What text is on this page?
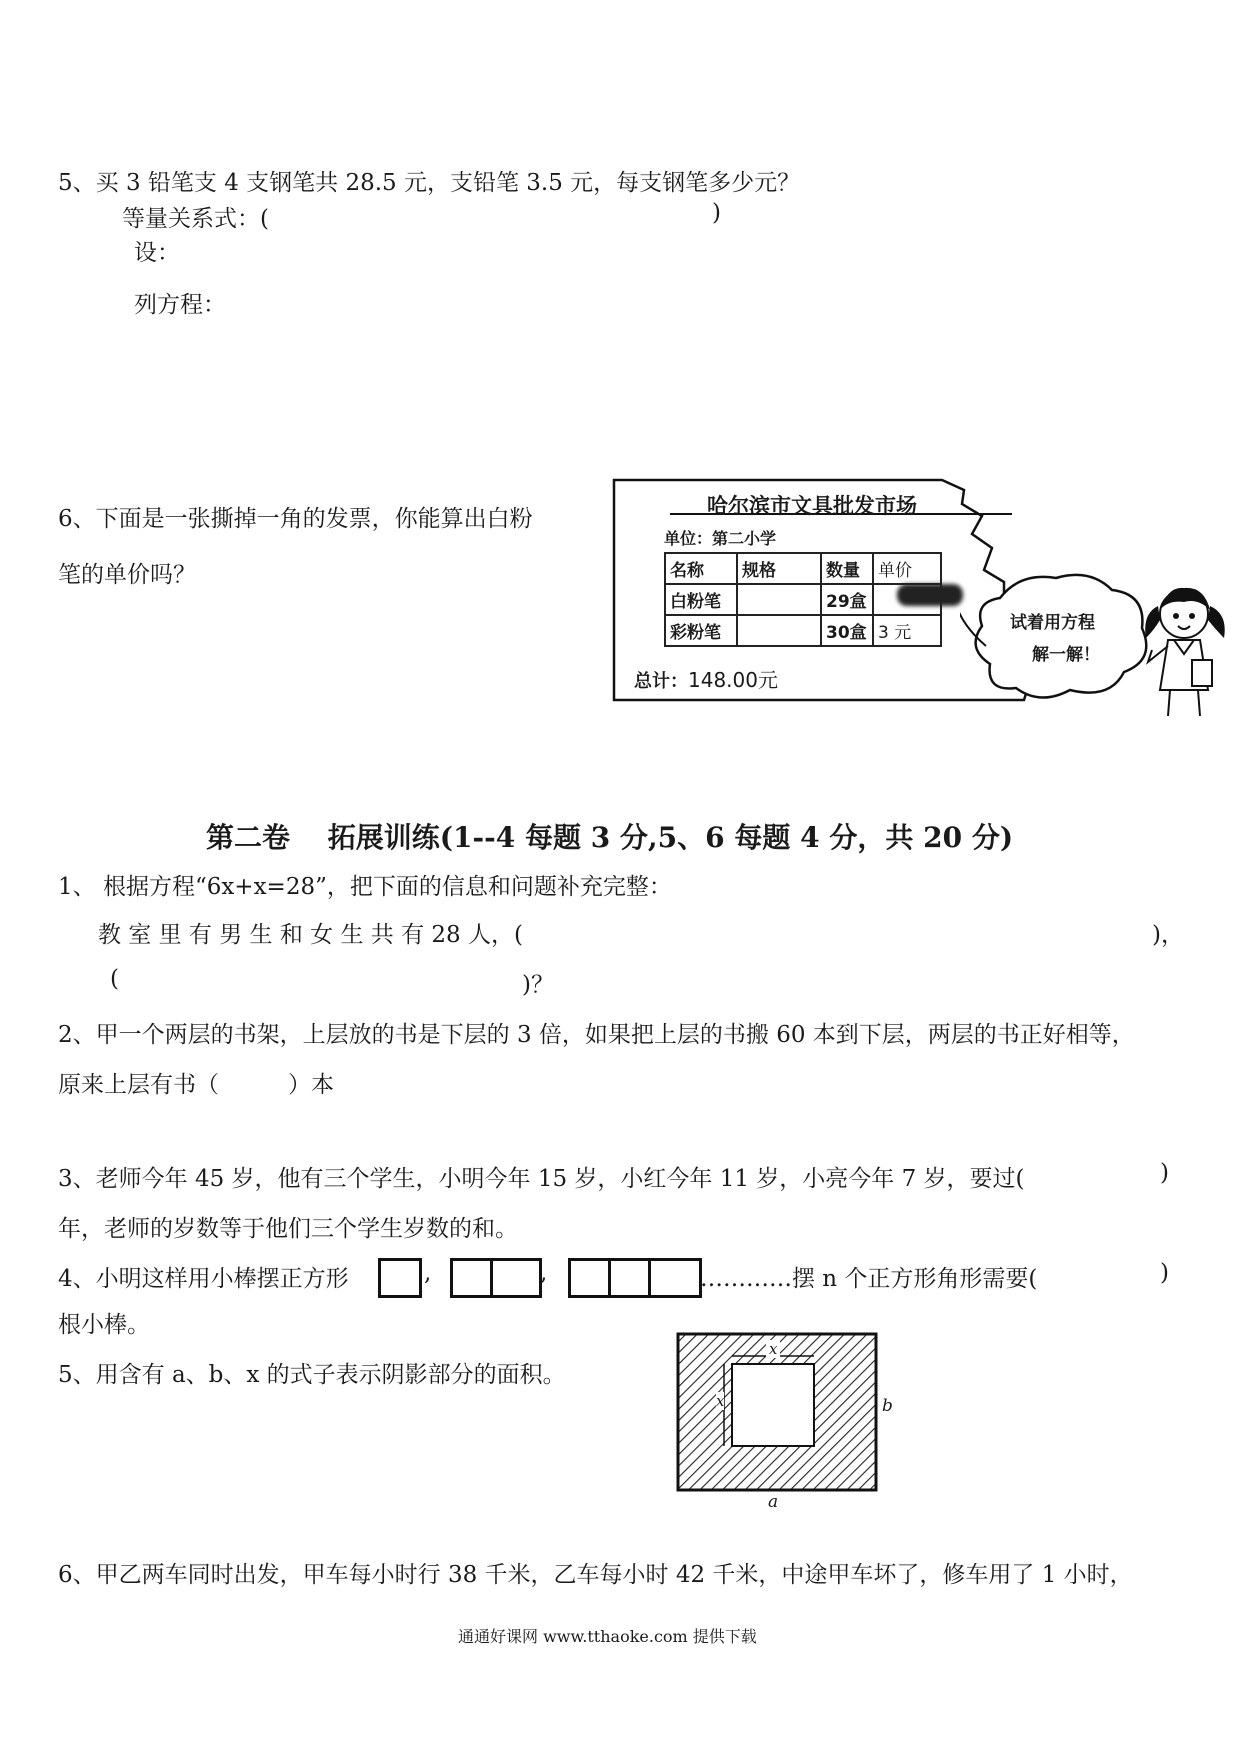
5、买 3 铅笔支 4 支钢笔共 28.5 元，支铅笔 3.5 元，每支钢笔多少元？
等量关系式：(	)
设：
列方程：
6、下面是一张撕掉一角的发票，你能算出白粉
笔的单价吗？
哈尔滨市文具批发市场
单位：第二小学
名称	规格	数量	单价
白粉笔		29盒	
彩粉笔		30盒	3 元
总计：148.00元
试着用方程
解一解！
第二卷 　拓展训练(1--4 每题 3 分,5、6 每题 4 分，共 20 分)
1、 根据方程“6x+x=28”，把下面的信息和问题补充完整：
教 室 里 有 男 生 和 女 生 共 有 28 人，(	)，
(	)？
2、甲一个两层的书架，上层放的书是下层的 3 倍，如果把上层的书搬 60 本到下层，两层的书正好相等，
原来上层有书（　　　）本
3、老师今年 45 岁，他有三个学生，小明今年 15 岁，小红今年 11 岁，小亮今年 7 岁，要过(	)
年，老师的岁数等于他们三个学生岁数的和。
4、小明这样用小棒摆正方形	,	,	…………摆 n 个正方形角形需要(	)
根小棒。
5、用含有 a、b、x 的式子表示阴影部分的面积。
x
x	b
a
6、甲乙两车同时出发，甲车每小时行 38 千米，乙车每小时 42 千米，中途甲车坏了，修车用了 1 小时，
通通好课网 www.tthaoke.com 提供下载
